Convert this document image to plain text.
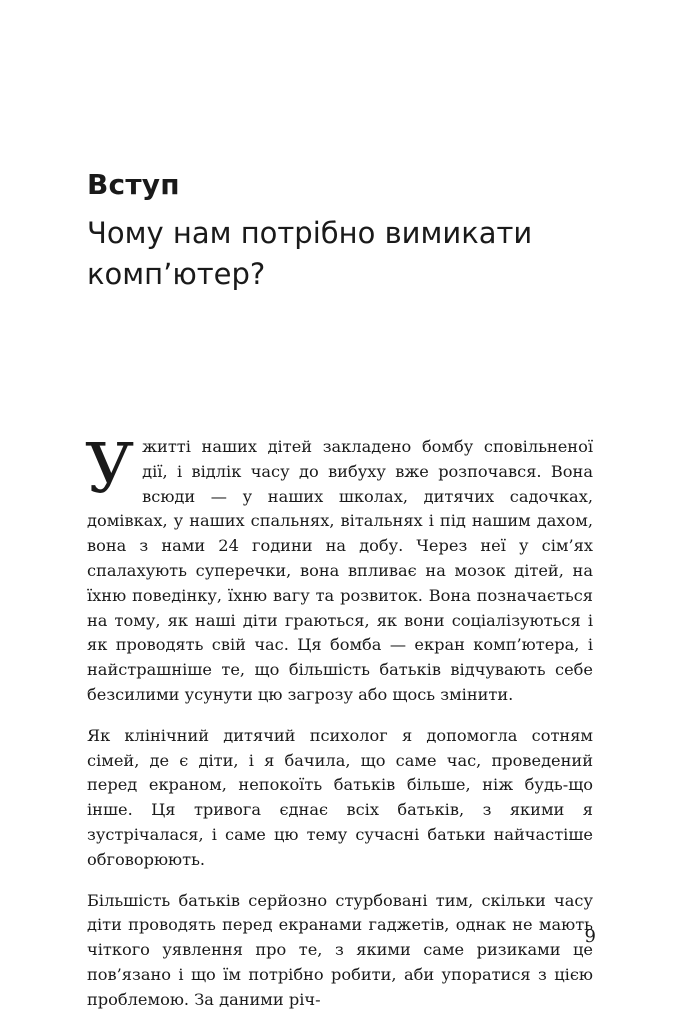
Вступ
Чому нам потрібно вимикати комп’ютер?

У житті наших дітей закладено бомбу сповільненої дії, і відлік часу до вибуху вже розпочався. Вона всюди — у наших школах, дитячих садочках, домівках, у наших спальнях, вітальнях і під нашим дахом, вона з нами 24 години на добу. Через неї у сім’ях спалахують суперечки, вона впливає на мозок дітей, на їхню поведінку, їхню вагу та розвиток. Вона позначається на тому, як наші діти граються, як вони соціалізуються і як проводять свій час. Ця бомба — екран комп’ютера, і найстрашніше те, що більшість батьків відчувають себе безсилими усунути цю загрозу або щось змінити.

Як клінічний дитячий психолог я допомогла сотням сімей, де є діти, і я бачила, що саме час, проведений перед екраном, непокоїть батьків більше, ніж будь-що інше. Ця тривога єднає всіх батьків, з якими я зустрічалася, і саме цю тему сучасні батьки найчастіше обговорюють.

Більшість батьків серйозно стурбовані тим, скільки часу діти проводять перед екранами гаджетів, однак не мають чіткого уявлення про те, з якими саме ризиками це пов’язано і що їм потрібно робити, аби упоратися з цією проблемою. За даними річ-

9
